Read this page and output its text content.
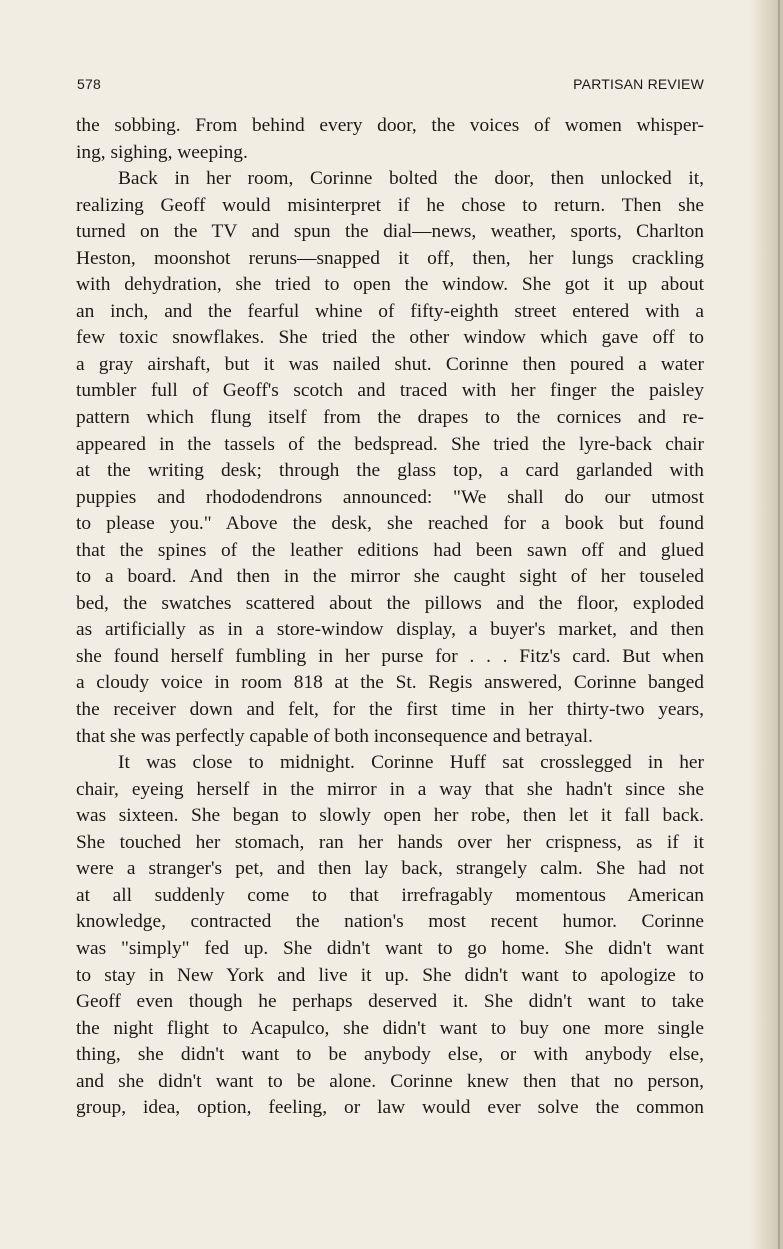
578	PARTISAN REVIEW
the sobbing. From behind every door, the voices of women whisper-
ing, sighing, weeping.
Back in her room, Corinne bolted the door, then unlocked it,
realizing Geoff would misinterpret if he chose to return. Then she
turned on the TV and spun the dial—news, weather, sports, Charlton
Heston, moonshot reruns—snapped it off, then, her lungs crackling
with dehydration, she tried to open the window. She got it up about
an inch, and the fearful whine of fifty-eighth street entered with a
few toxic snowflakes. She tried the other window which gave off to
a gray airshaft, but it was nailed shut. Corinne then poured a water
tumbler full of Geoff's scotch and traced with her finger the paisley
pattern which flung itself from the drapes to the cornices and re-
appeared in the tassels of the bedspread. She tried the lyre-back chair
at the writing desk; through the glass top, a card garlanded with
puppies and rhododendrons announced: "We shall do our utmost
to please you." Above the desk, she reached for a book but found
that the spines of the leather editions had been sawn off and glued
to a board. And then in the mirror she caught sight of her touseled
bed, the swatches scattered about the pillows and the floor, exploded
as artificially as in a store-window display, a buyer's market, and then
she found herself fumbling in her purse for . . . Fitz's card. But when
a cloudy voice in room 818 at the St. Regis answered, Corinne banged
the receiver down and felt, for the first time in her thirty-two years,
that she was perfectly capable of both inconsequence and betrayal.
It was close to midnight. Corinne Huff sat crosslegged in her
chair, eyeing herself in the mirror in a way that she hadn't since she
was sixteen. She began to slowly open her robe, then let it fall back.
She touched her stomach, ran her hands over her crispness, as if it
were a stranger's pet, and then lay back, strangely calm. She had not
at all suddenly come to that irrefragably momentous American
knowledge, contracted the nation's most recent humor. Corinne
was "simply" fed up. She didn't want to go home. She didn't want
to stay in New York and live it up. She didn't want to apologize to
Geoff even though he perhaps deserved it. She didn't want to take
the night flight to Acapulco, she didn't want to buy one more single
thing, she didn't want to be anybody else, or with anybody else,
and she didn't want to be alone. Corinne knew then that no person,
group, idea, option, feeling, or law would ever solve the common
